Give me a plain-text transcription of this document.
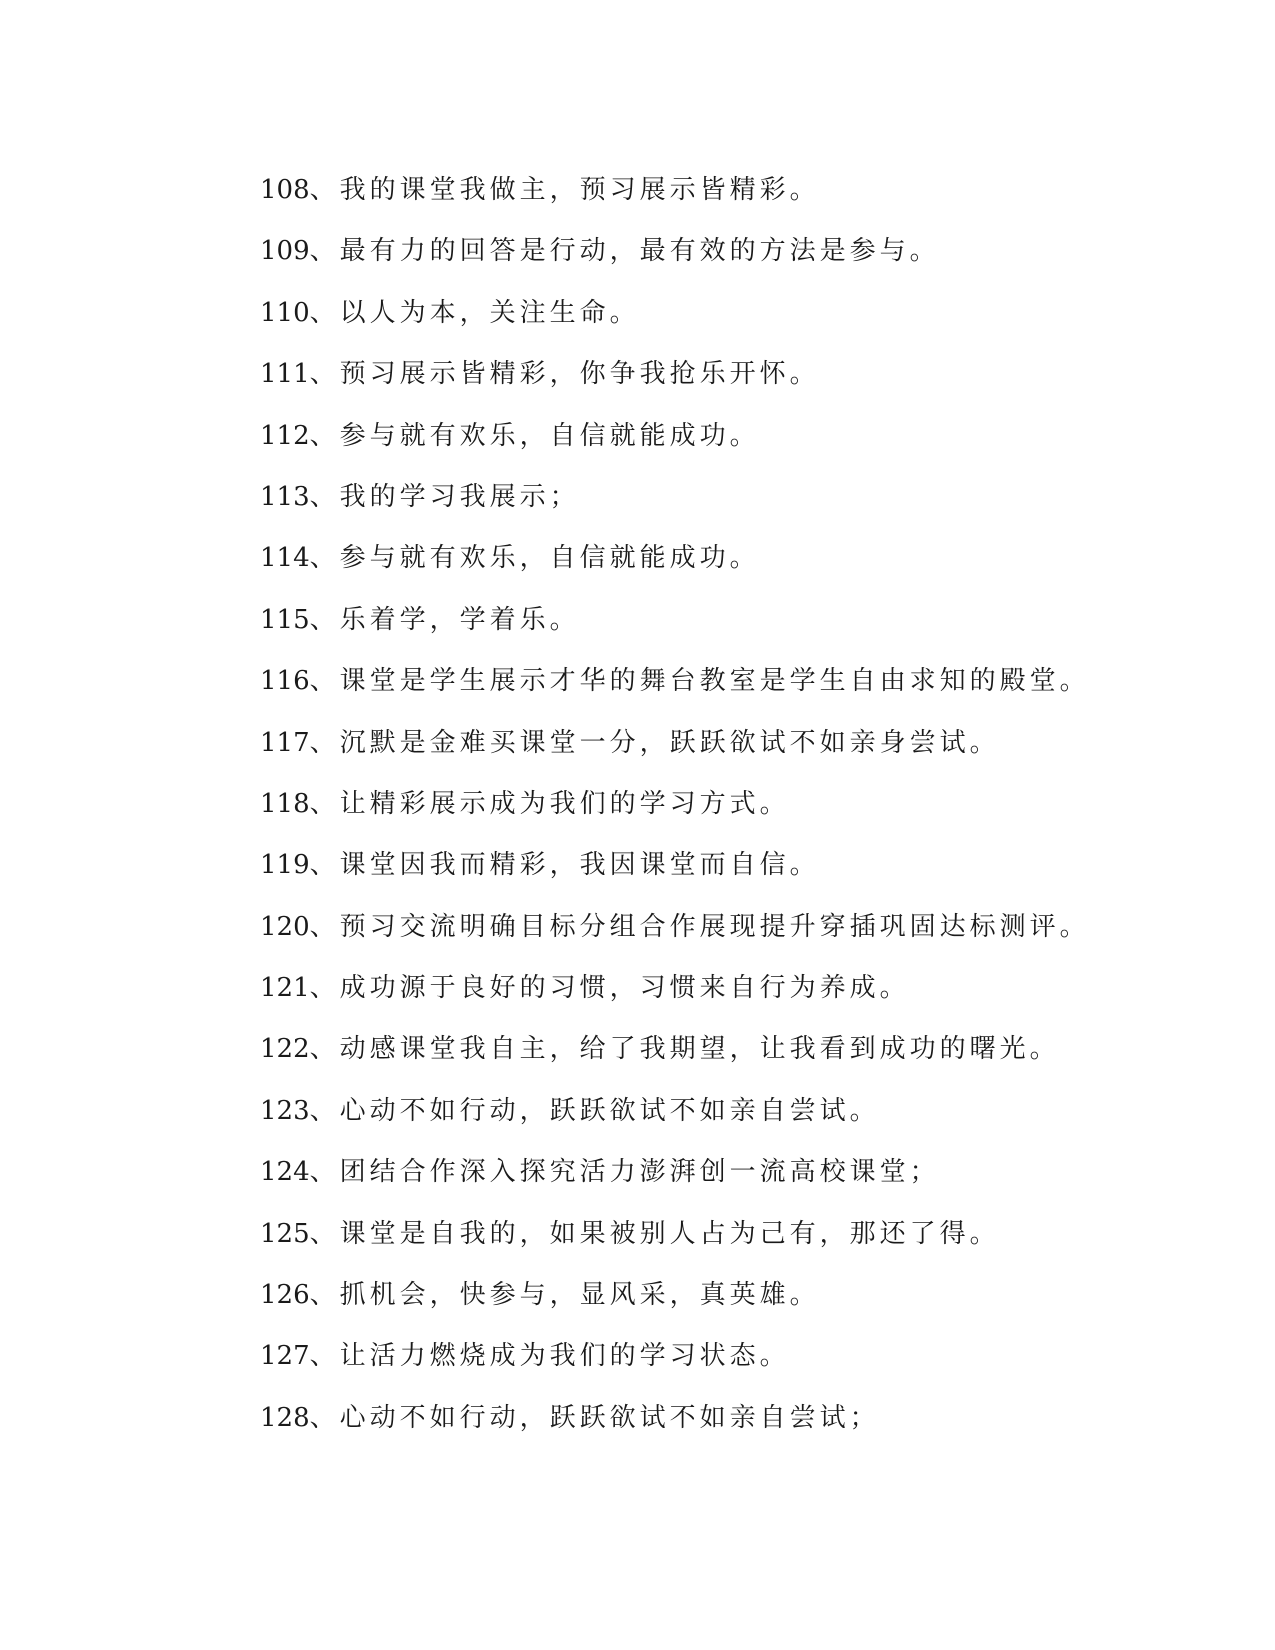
108、我的课堂我做主，预习展示皆精彩。
109、最有力的回答是行动，最有效的方法是参与。
110、以人为本，关注生命。
111、预习展示皆精彩，你争我抢乐开怀。
112、参与就有欢乐，自信就能成功。
113、我的学习我展示；
114、参与就有欢乐，自信就能成功。
115、乐着学，学着乐。
116、课堂是学生展示才华的舞台教室是学生自由求知的殿堂。
117、沉默是金难买课堂一分，跃跃欲试不如亲身尝试。
118、让精彩展示成为我们的学习方式。
119、课堂因我而精彩，我因课堂而自信。
120、预习交流明确目标分组合作展现提升穿插巩固达标测评。
121、成功源于良好的习惯，习惯来自行为养成。
122、动感课堂我自主，给了我期望，让我看到成功的曙光。
123、心动不如行动，跃跃欲试不如亲自尝试。
124、团结合作深入探究活力澎湃创一流高校课堂；
125、课堂是自我的，如果被别人占为己有，那还了得。
126、抓机会，快参与，显风采，真英雄。
127、让活力燃烧成为我们的学习状态。
128、心动不如行动，跃跃欲试不如亲自尝试；
